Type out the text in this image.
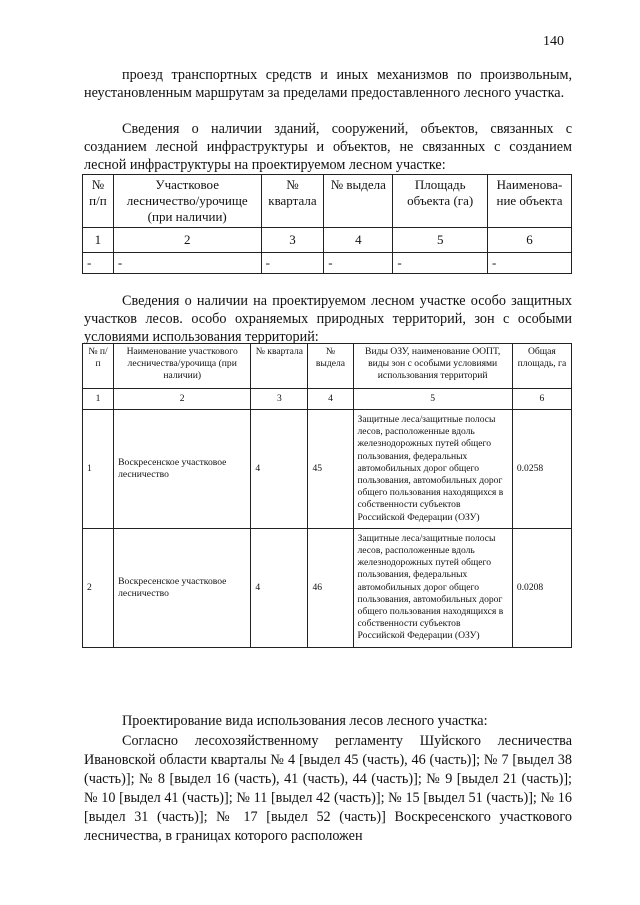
140

проезд транспортных средств и иных механизмов по произвольным, неустановленным маршрутам за пределами предоставленного лесного участка.

Сведения о наличии зданий, сооружений, объектов, связанных с созданием лесной инфраструктуры и объектов, не связанных с созданием лесной инфраструктуры на проектируемом лесном участке:

№ п/п	Участковое лесничество/урочище (при наличии)	№ квартала	№ выдела	Площадь объекта (га)	Наименова-ние объекта
1	2	3	4	5	6
-	-	-	-	-	-

Сведения о наличии на проектируемом лесном участке особо защитных участков лесов. особо охраняемых природных территорий, зон с особыми условиями использования территорий:

№ п/п	Наименование участкового лесничества/урочища (при наличии)	№ квартала	№ выдела	Виды ОЗУ, наименование ООПТ, виды зон с особыми условиями использования территорий	Общая площадь, га
1	2	3	4	5	6
1	Воскресенское участковое лесничество	4	45	Защитные леса/защитные полосы лесов, расположенные вдоль железнодорожных путей общего пользования, федеральных автомобильных дорог общего пользования, автомобильных дорог общего пользования находящихся в собственности субъектов Российской Федерации (ОЗУ)	0.0258
2	Воскресенское участковое лесничество	4	46	Защитные леса/защитные полосы лесов, расположенные вдоль железнодорожных путей общего пользования, федеральных автомобильных дорог общего пользования, автомобильных дорог общего пользования находящихся в собственности субъектов Российской Федерации (ОЗУ)	0.0208

Проектирование вида использования лесов лесного участка:

Согласно лесохозяйственному регламенту Шуйского лесничества Ивановской области кварталы № 4 [выдел 45 (часть), 46 (часть)]; № 7 [выдел 38 (часть)]; № 8 [выдел 16 (часть), 41 (часть), 44 (часть)]; № 9 [выдел 21 (часть)]; № 10 [выдел 41 (часть)]; № 11 [выдел 42 (часть)]; № 15 [выдел 51 (часть)]; № 16 [выдел 31 (часть)]; № 17 [выдел 52 (часть)] Воскресенского участкового лесничества, в границах которого расположен
